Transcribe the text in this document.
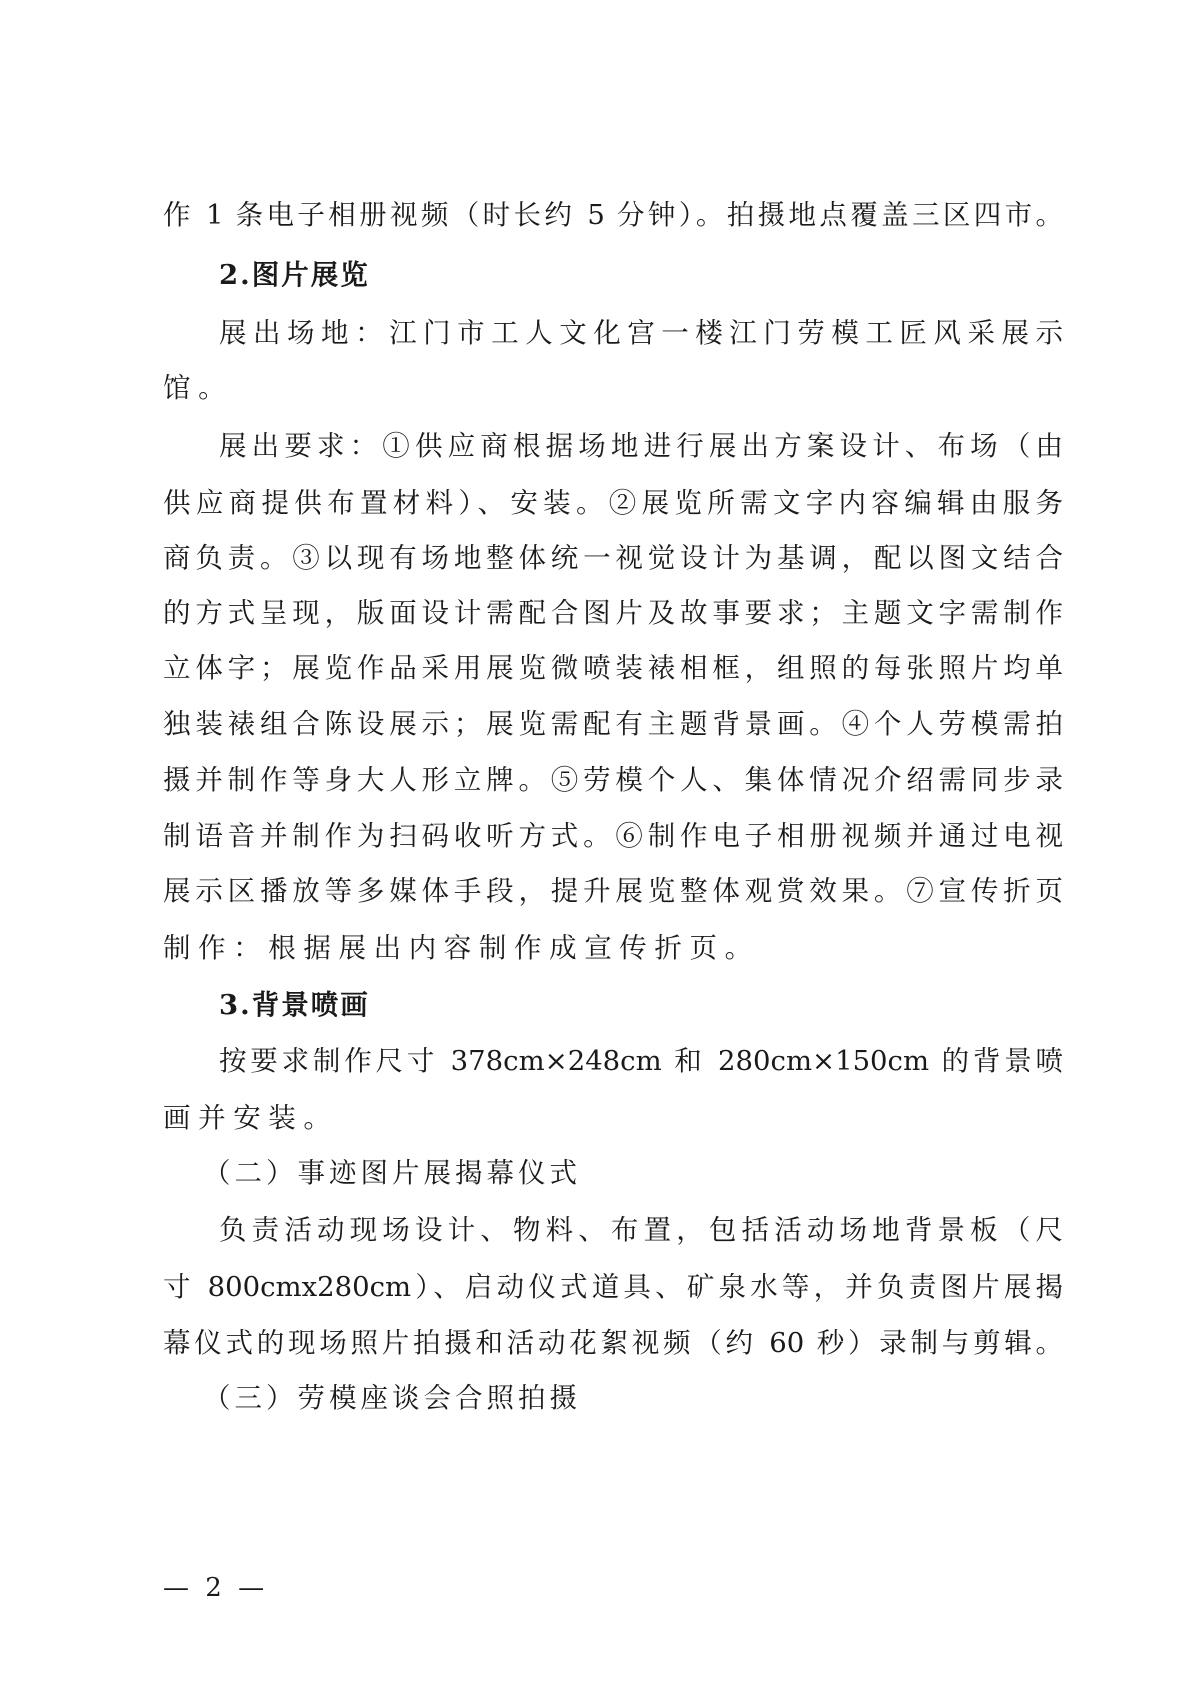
作 1 条电子相册视频（时长约 5 分钟）。拍摄地点覆盖三区四市。
2.图片展览
展出场地：江门市工人文化宫一楼江门劳模工匠风采展示
馆。
展出要求：①供应商根据场地进行展出方案设计、布场（由
供应商提供布置材料）、安装。②展览所需文字内容编辑由服务
商负责。③以现有场地整体统一视觉设计为基调，配以图文结合
的方式呈现，版面设计需配合图片及故事要求；主题文字需制作
立体字；展览作品采用展览微喷装裱相框，组照的每张照片均单
独装裱组合陈设展示；展览需配有主题背景画。④个人劳模需拍
摄并制作等身大人形立牌。⑤劳模个人、集体情况介绍需同步录
制语音并制作为扫码收听方式。⑥制作电子相册视频并通过电视
展示区播放等多媒体手段，提升展览整体观赏效果。⑦宣传折页
制作：根据展出内容制作成宣传折页。
3.背景喷画
按要求制作尺寸 378cm×248cm 和 280cm×150cm 的背景喷
画并安装。
（二）事迹图片展揭幕仪式
负责活动现场设计、物料、布置，包括活动场地背景板（尺
寸 800cmx280cm）、启动仪式道具、矿泉水等，并负责图片展揭
幕仪式的现场照片拍摄和活动花絮视频（约 60 秒）录制与剪辑。
（三）劳模座谈会合照拍摄
— 2 —
